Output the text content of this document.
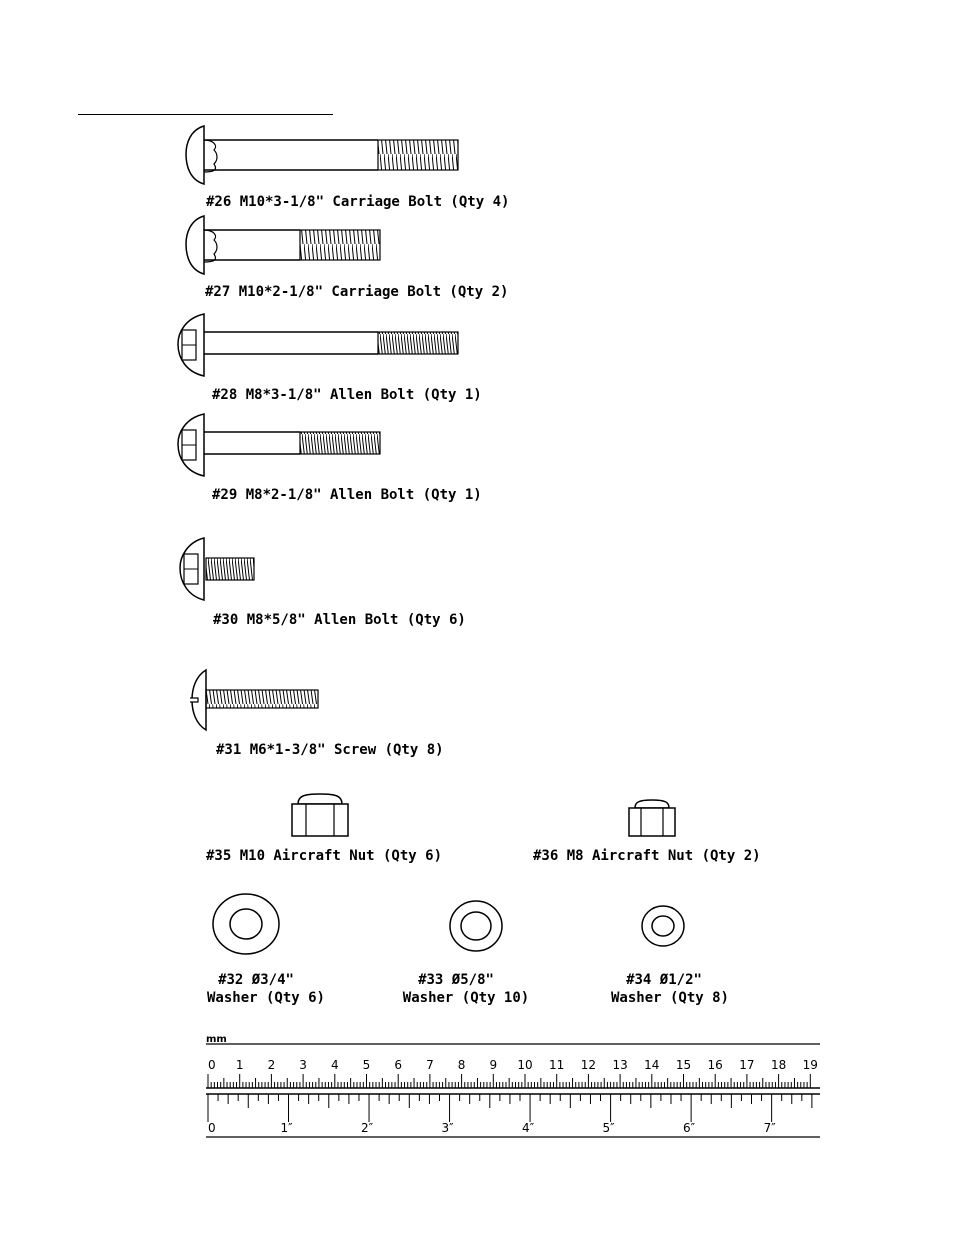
#26 M10*3-1/8" Carriage Bolt (Qty 4)
#27 M10*2-1/8" Carriage Bolt (Qty 2)
#28 M8*3-1/8" Allen Bolt (Qty 1)
#29 M8*2-1/8" Allen Bolt (Qty 1)
#30 M8*5/8" Allen Bolt (Qty 6)
#31 M6*1-3/8" Screw (Qty 8)
#35 M10 Aircraft Nut (Qty 6)	#36 M8 Aircraft Nut (Qty 2)
#32 Ø3/4"
Washer (Qty 6)
#33 Ø5/8"
Washer (Qty 10)
#34 Ø1/2"
Washer (Qty 8)
mm
0 1 2 3 4 5 6 7 8 9 10 11 12 13 14 15 16 17 18 19
0	1″	2″	3″	4″	5″	6″	7″
